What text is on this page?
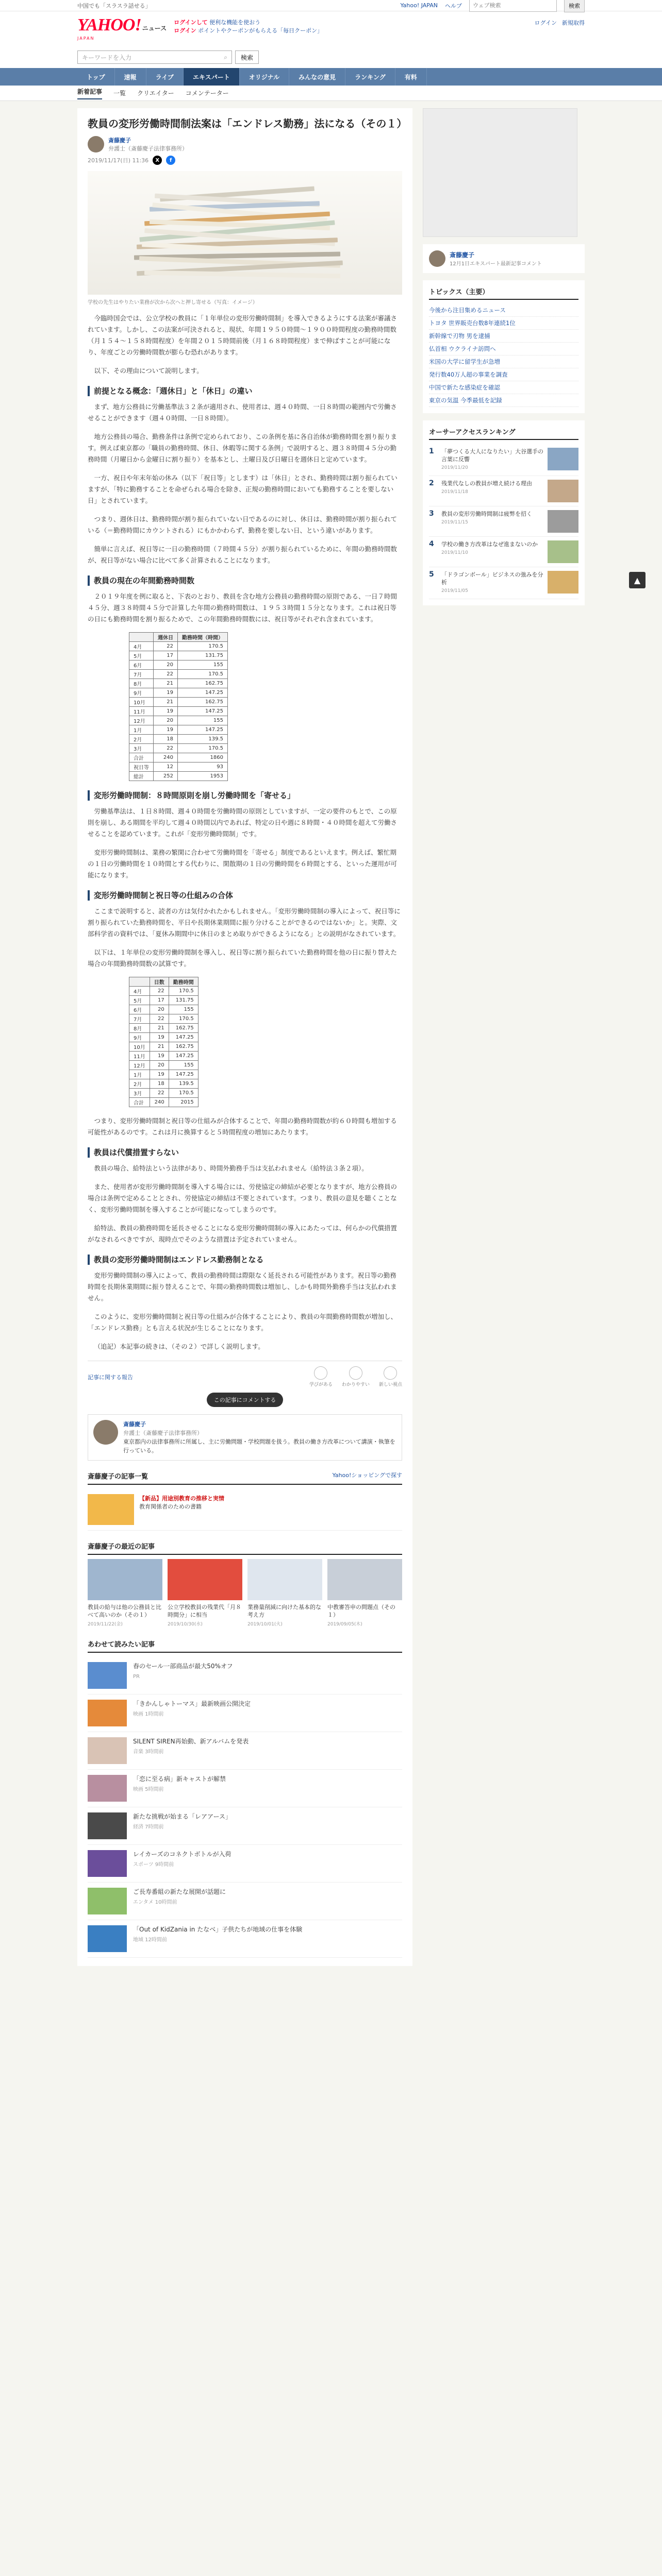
中国でも「スラスラ話せる」	Yahoo! JAPAN ヘルプ
ウェブ検索	検索
YAHOO! ニュース
JAPAN
ログインして 便利な機能を使おう
ログイン ポイントやクーポンがもらえる「毎日クーポン」
ログイン 新規取得
キーワードを入力	⌕	検索
トップ	速報	ライブ	エキスパート	オリジナル	みんなの意見	ランキング	有料
新着記事 一覧 クリエイター コメンテーター
教員の変形労働時間制法案は「エンドレス勤務」法になる（その１）
斎藤慶子
弁護士（斎藤慶子法律事務所）
2019/11/17(日) 11:36	X	f
学校の先生はやりたい業務が次から次へと押し寄せる（写真：イメージ）

今臨時国会では、公立学校の教員に「１年単位の変形労働時間制」を導入できるようにする法案が審議されています。しかし、この法案が可決されると、現状、年間１９５０時間〜１９００時間程度の勤務時間数（月１５４〜１５８時間程度）を年間２０１５時間前後（月１６８時間程度）まで伸ばすことが可能になり、年度ごとの労働時間数が膨らむ恐れがあります。

以下、その理由について説明します。

前提となる概念：「週休日」と「休日」の違い

まず、地方公務員に労働基準法３２条が適用され、使用者は、週４０時間、一日８時間の範囲内で労働させることができます（週４０時間、一日８時間）。

地方公務員の場合、勤務条件は条例で定められており、この条例を基に各自治体が勤務時間を割り振ります。例えば東京都の「職員の勤務時間、休日、休暇等に関する条例」で説明すると、週３８時間４５分の勤務時間（月曜日から金曜日に割り振り）を基本とし、土曜日及び日曜日を週休日と定めています。

一方、祝日や年末年始の休み（以下「祝日等」とします）は「休日」とされ、勤務時間は割り振られていますが、「特に勤務することを命ぜられる場合を除き、正規の勤務時間においても勤務することを要しない日」とされています。

つまり、週休日は、勤務時間が割り振られていない日であるのに対し、休日は、勤務時間が割り振られている（＝勤務時間にカウントされる）にもかかわらず、勤務を要しない日、という違いがあります。

簡単に言えば、祝日等に一日の勤務時間（７時間４５分）が割り振られているために、年間の勤務時間数が、祝日等がない場合に比べて多く計算されることになります。

教員の現在の年間勤務時間数

２０１９年度を例に取ると、下表のとおり、教員を含む地方公務員の勤務時間の原則である、一日７時間４５分、週３８時間４５分で計算した年間の勤務時間数は、１９５３時間１５分となります。これは祝日等の日にも勤務時間を割り振るためで、この年間勤務時間数には、祝日等がそれぞれ含まれています。

	週休日	勤務時間（時間）
4月	22	170.5
5月	17	131.75
6月	20	155
7月	22	170.5
8月	21	162.75
9月	19	147.25
10月	21	162.75
11月	19	147.25
12月	20	155
1月	19	147.25
2月	18	139.5
3月	22	170.5
合計	240	1860
祝日等	12	93
総計	252	1953
変形労働時間制：８時間原則を崩し労働時間を「寄せる」

労働基準法は、１日８時間、週４０時間を労働時間の原則としていますが、一定の要件のもとで、この原則を崩し、ある期間を平均して週４０時間以内であれば、特定の日や週に８時間・４０時間を超えて労働させることを認めています。これが「変形労働時間制」です。

変形労働時間制は、業務の繁閑に合わせて労働時間を「寄せる」制度であるといえます。例えば、繁忙期の１日の労働時間を１０時間とする代わりに、閑散期の１日の労働時間を６時間とする、といった運用が可能になります。

変形労働時間制と祝日等の仕組みの合体

ここまで説明すると、読者の方は気付かれたかもしれません。「変形労働時間制の導入によって、祝日等に割り振られていた勤務時間を、平日や長期休業期間に振り分けることができるのではないか」と。実際、文部科学省の資料では、「夏休み期間中に休日のまとめ取りができるようになる」との説明がなされています。

以下は、１年単位の変形労働時間制を導入し、祝日等に割り振られていた勤務時間を他の日に振り替えた場合の年間勤務時間数の試算です。

	日数	勤務時間
4月	22	170.5
5月	17	131.75
6月	20	155
7月	22	170.5
8月	21	162.75
9月	19	147.25
10月	21	162.75
11月	19	147.25
12月	20	155
1月	19	147.25
2月	18	139.5
3月	22	170.5
合計	240	2015

つまり、変形労働時間制と祝日等の仕組みが合体することで、年間の勤務時間数が約６０時間も増加する可能性があるのです。これは月に換算すると５時間程度の増加にあたります。

教員は代償措置すらない

教員の場合、給特法という法律があり、時間外勤務手当は支払われません（給特法３条２項）。

また、使用者が変形労働時間制を導入する場合には、労使協定の締結が必要となりますが、地方公務員の場合は条例で定めることとされ、労使協定の締結は不要とされています。つまり、教員の意見を聴くことなく、変形労働時間制を導入することが可能になってしまうのです。

給特法、教員の勤務時間を延長させることになる変形労働時間制の導入にあたっては、何らかの代償措置がなされるべきですが、現時点でそのような措置は予定されていません。

教員の変形労働時間制はエンドレス勤務制となる

変形労働時間制の導入によって、教員の勤務時間は際限なく延長される可能性があります。祝日等の勤務時間を長期休業期間に振り替えることで、年間の勤務時間数は増加し、しかも時間外勤務手当は支払われません。

このように、変形労働時間制と祝日等の仕組みが合体することにより、教員の年間勤務時間数が増加し、「エンドレス勤務」とも言える状況が生じることになります。

（追記）本記事の続きは、（その２）で詳しく説明します。

記事に関する報告
学びがある わかりやすい 新しい視点
この記事にコメントする
斎藤慶子
弁護士（斎藤慶子法律事務所）
東京都内の法律事務所に所属し、主に労働問題・学校問題を扱う。教員の働き方改革について講演・執筆を行っている。
斎藤慶子の記事一覧	Yahoo!ショッピングで探す
【新品】用途別教育の推移と実情
教育関係者のための書籍
斎藤慶子の最近の記事
教員の給与は他の公務員と比べて高いのか（その１）
2019/11/22(金)
公立学校教員の残業代「月８時間分」に相当
2019/10/30(水)
業務量削減に向けた基本的な考え方
2019/10/01(火)
中教審答申の問題点（その１）
2019/09/05(木)
あわせて読みたい記事
春のセール一部商品が最大50%オフ
PR
「きかんしゃトーマス」最新映画公開決定
映画 1時間前
SILENT SIREN再始動、新アルバムを発表
音楽 3時間前
「恋に至る病」新キャストが解禁
映画 5時間前
新たな挑戦が始まる「レアアース」
経済 7時間前
レイカーズのコネクトボトルが入荷
スポーツ 9時間前
ご長寿番組の新たな展開が話題に
エンタメ 10時間前
「Out of KidZania in たなべ」子供たちが地域の仕事を体験
地域 12時間前
斎藤慶子
12月1日エキスパート最新記事コメント
トピックス（主要）
今後から注目集めるニュース
トヨタ 世界販売台数8年連続1位
新幹線で刃物 男を逮捕
仏首相 ウクライナ訪問へ
米国の大学に留学生が急増
発行数40万人超の事業を調査
中国で新たな感染症を確認
東京の気温 今季最低を記録
オーサーアクセスランキング
1	「夢つくる大人になりたい」大谷選手の言葉に反響
2019/11/20
2	残業代なしの教員が増え続ける理由
2019/11/18
3	教員の変形労働時間制は疲弊を招く
2019/11/15
4	学校の働き方改革はなぜ進まないのか
2019/11/10
5	「ドラゴンボール」ビジネスの強みを分析
2019/11/05
▲
